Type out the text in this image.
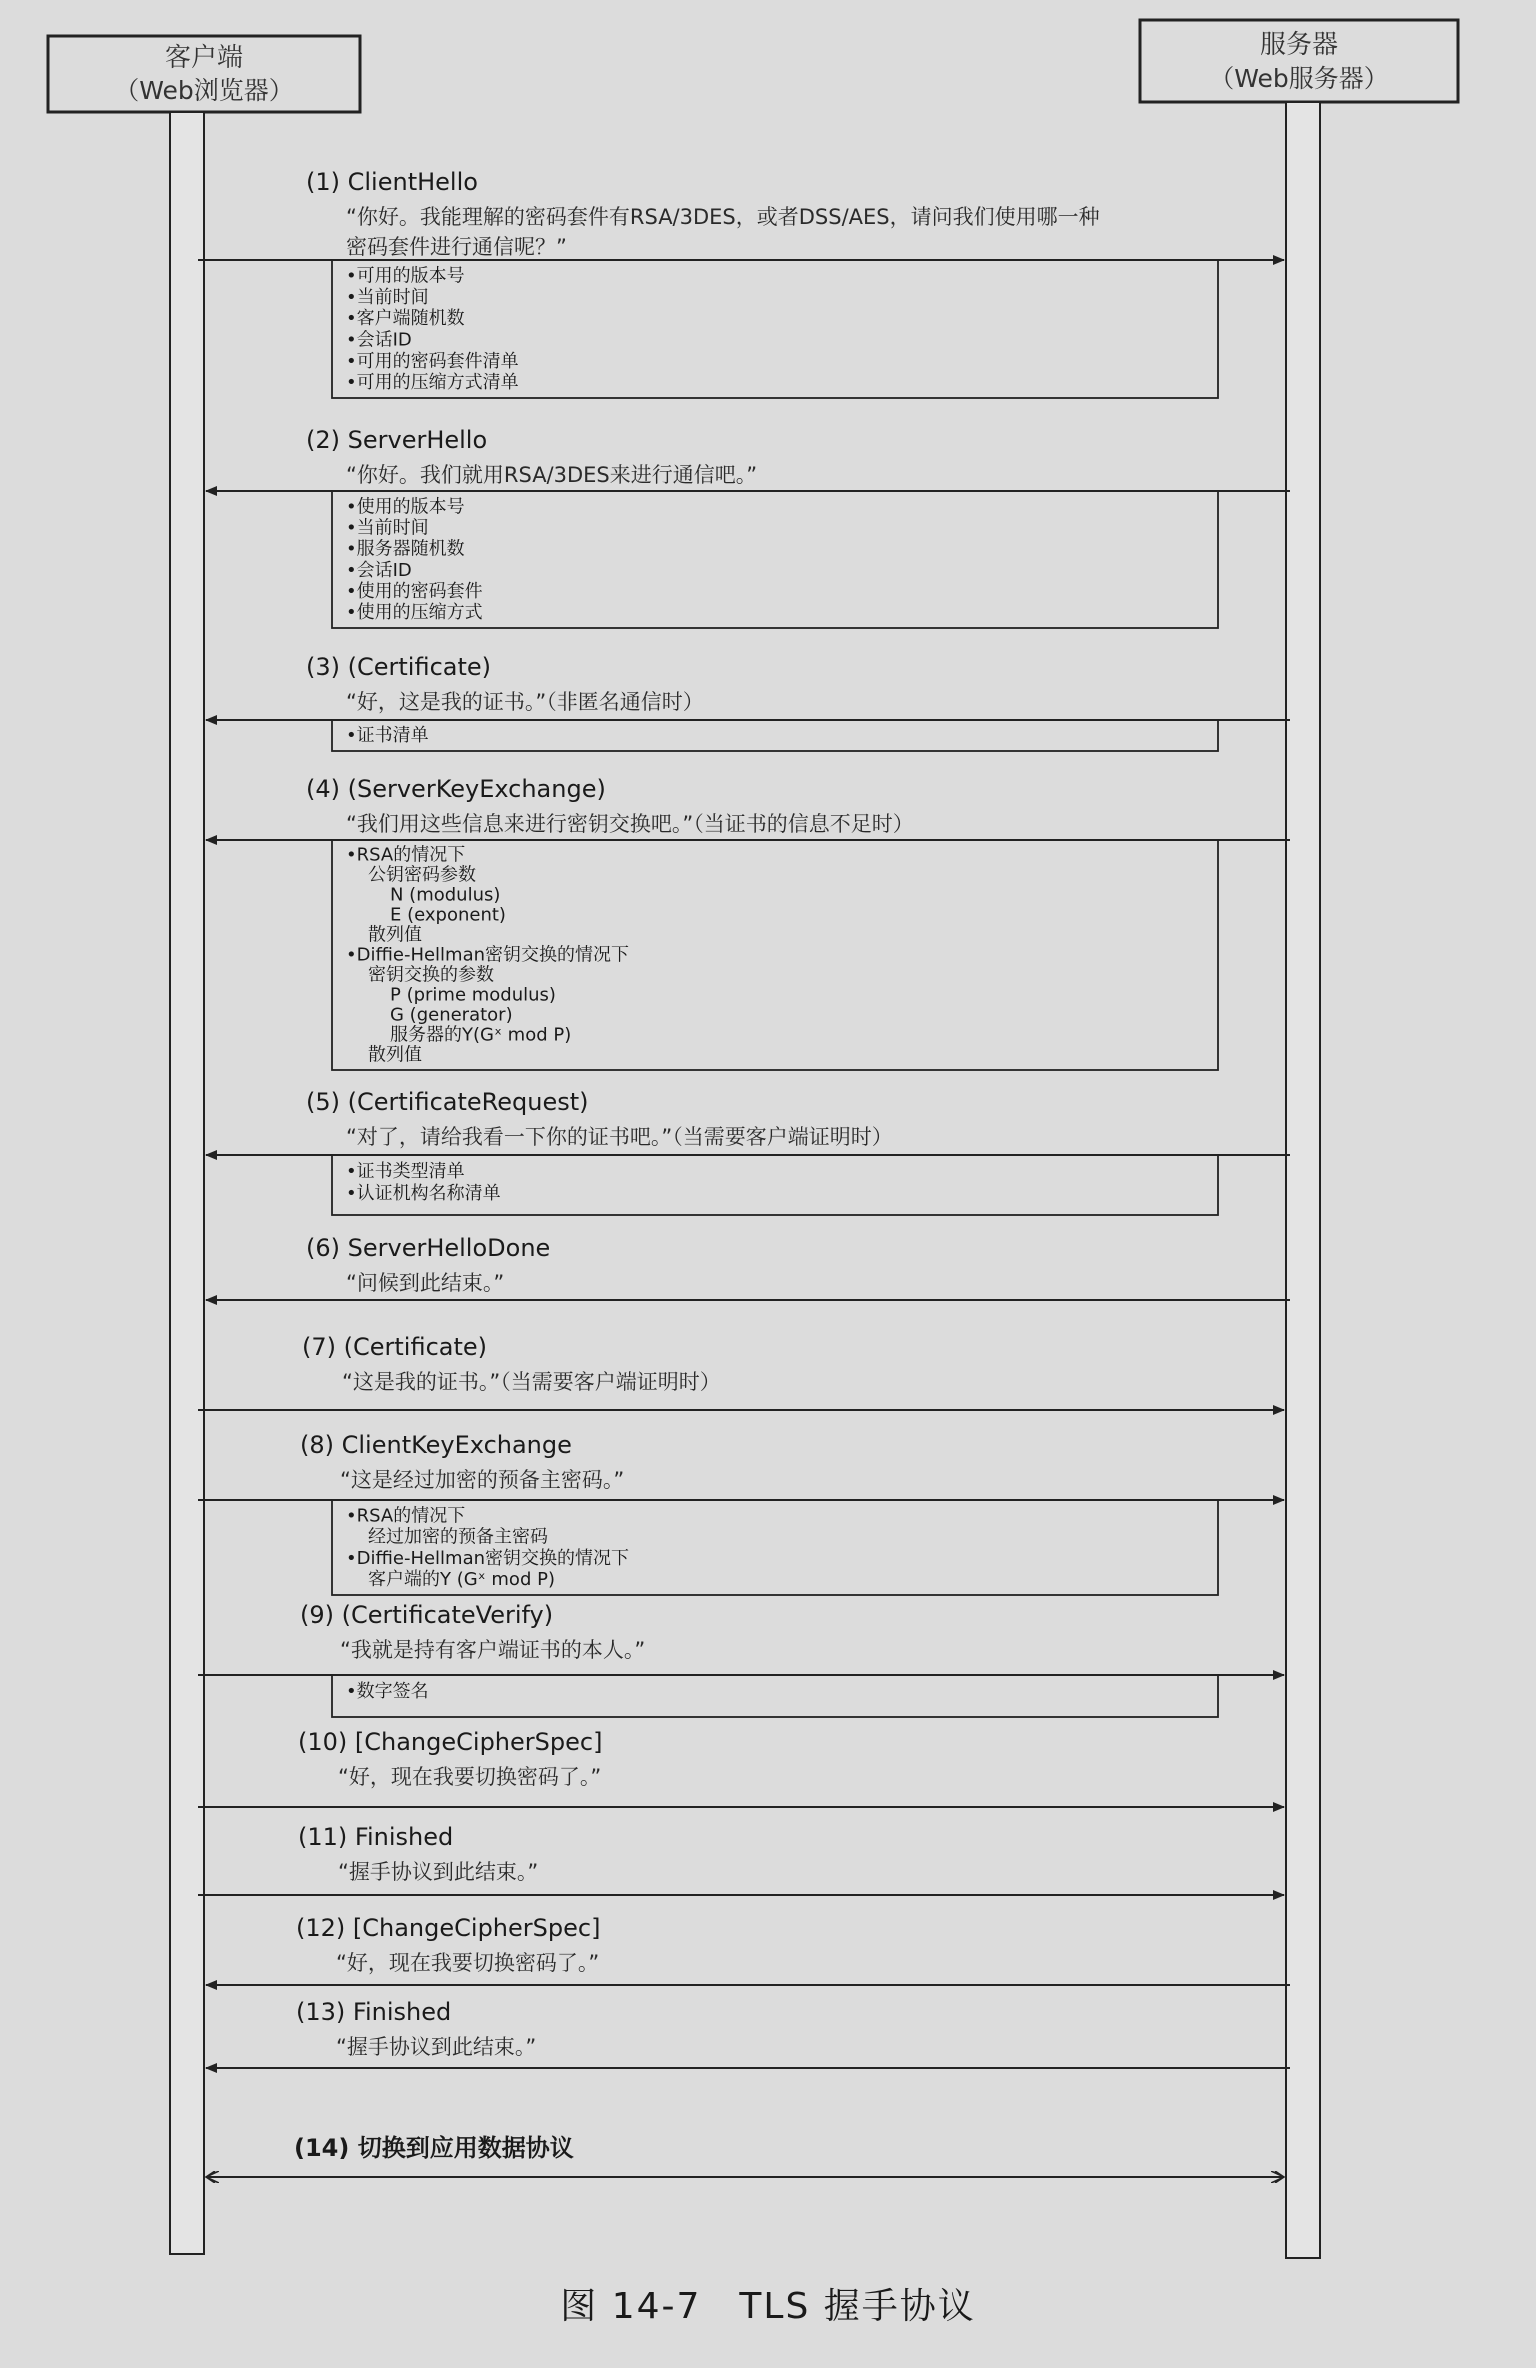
客户端
（Web浏览器）
服务器
（Web服务器）
(1) ClientHello
“你好。我能理解的密码套件有RSA/3DES，或者DSS/AES，请问我们使用哪一种
密码套件进行通信呢？”
•可用的版本号
•当前时间
•客户端随机数
•会话ID
•可用的密码套件清单
•可用的压缩方式清单
(2) ServerHello
“你好。我们就用RSA/3DES来进行通信吧。”
•使用的版本号
•当前时间
•服务器随机数
•会话ID
•使用的密码套件
•使用的压缩方式
(3) (Certificate)
“好，这是我的证书。”（非匿名通信时）
•证书清单
(4) (ServerKeyExchange)
“我们用这些信息来进行密钥交换吧。”（当证书的信息不足时）
•RSA的情况下
公钥密码参数
N (modulus)
E (exponent)
散列值
•Diffie-Hellman密钥交换的情况下
密钥交换的参数
P (prime modulus)
G (generator)
服务器的Y(Gˣ mod P)
散列值
(5) (CertificateRequest)
“对了，请给我看一下你的证书吧。”（当需要客户端证明时）
•证书类型清单
•认证机构名称清单
(6) ServerHelloDone
“问候到此结束。”
(7) (Certificate)
“这是我的证书。”（当需要客户端证明时）
(8) ClientKeyExchange
“这是经过加密的预备主密码。”
•RSA的情况下
经过加密的预备主密码
•Diffie-Hellman密钥交换的情况下
客户端的Y (Gˣ mod P)
(9) (CertificateVerify)
“我就是持有客户端证书的本人。”
•数字签名
(10) [ChangeCipherSpec]
“好，现在我要切换密码了。”
(11) Finished
“握手协议到此结束。”
(12) [ChangeCipherSpec]
“好，现在我要切换密码了。”
(13) Finished
“握手协议到此结束。”
(14) 切换到应用数据协议
图 14-7　TLS 握手协议
